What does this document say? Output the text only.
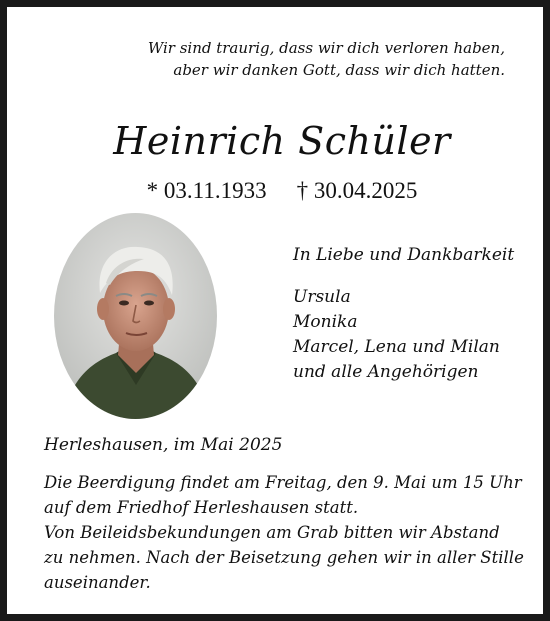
Wir sind traurig, dass wir dich verloren haben,
aber wir danken Gott, dass wir dich hatten.
Heinrich Schüler
* 03.11.1933 † 30.04.2025
In Liebe und Dankbarkeit
Ursula
Monika
Marcel, Lena und Milan
und alle Angehörigen
Herleshausen, im Mai 2025
Die Beerdigung findet am Freitag, den 9. Mai um 15 Uhr
auf dem Friedhof Herleshausen statt.
Von Beileidsbekundungen am Grab bitten wir Abstand
zu nehmen. Nach der Beisetzung gehen wir in aller Stille
auseinander.
